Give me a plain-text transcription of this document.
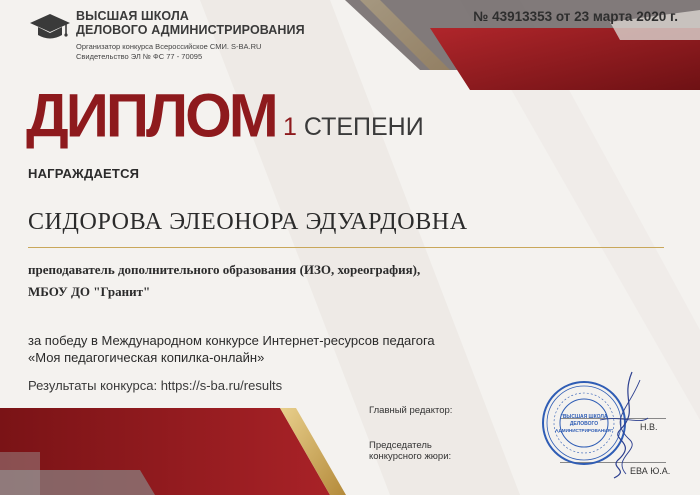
ВЫСШАЯ ШКОЛА
ДЕЛОВОГО АДМИНИСТРИРОВАНИЯ
Организатор конкурса Всероссийское СМИ. S-BA.RU
Свидетельство ЭЛ № ФС 77 - 70095
№ 43913353 от 23 марта 2020 г.
ДИПЛОМ 1 СТЕПЕНИ
НАГРАЖДАЕТСЯ
СИДОРОВА ЭЛЕОНОРА ЭДУАРДОВНА
преподаватель дополнительного образования (ИЗО, хореография),
МБОУ ДО "Гранит"
за победу в Международном конкурсе Интернет-ресурсов педагога
«Моя педагогическая копилка-онлайн»
Результаты конкурса: https://s-ba.ru/results
Главный редактор:
Н.В.
Председатель
конкурсного жюри:
ЕВА Ю.А.
"ВЫСШАЯ ШКОЛА
ДЕЛОВОГО
АДМИНИСТРИРОВАНИЯ"
